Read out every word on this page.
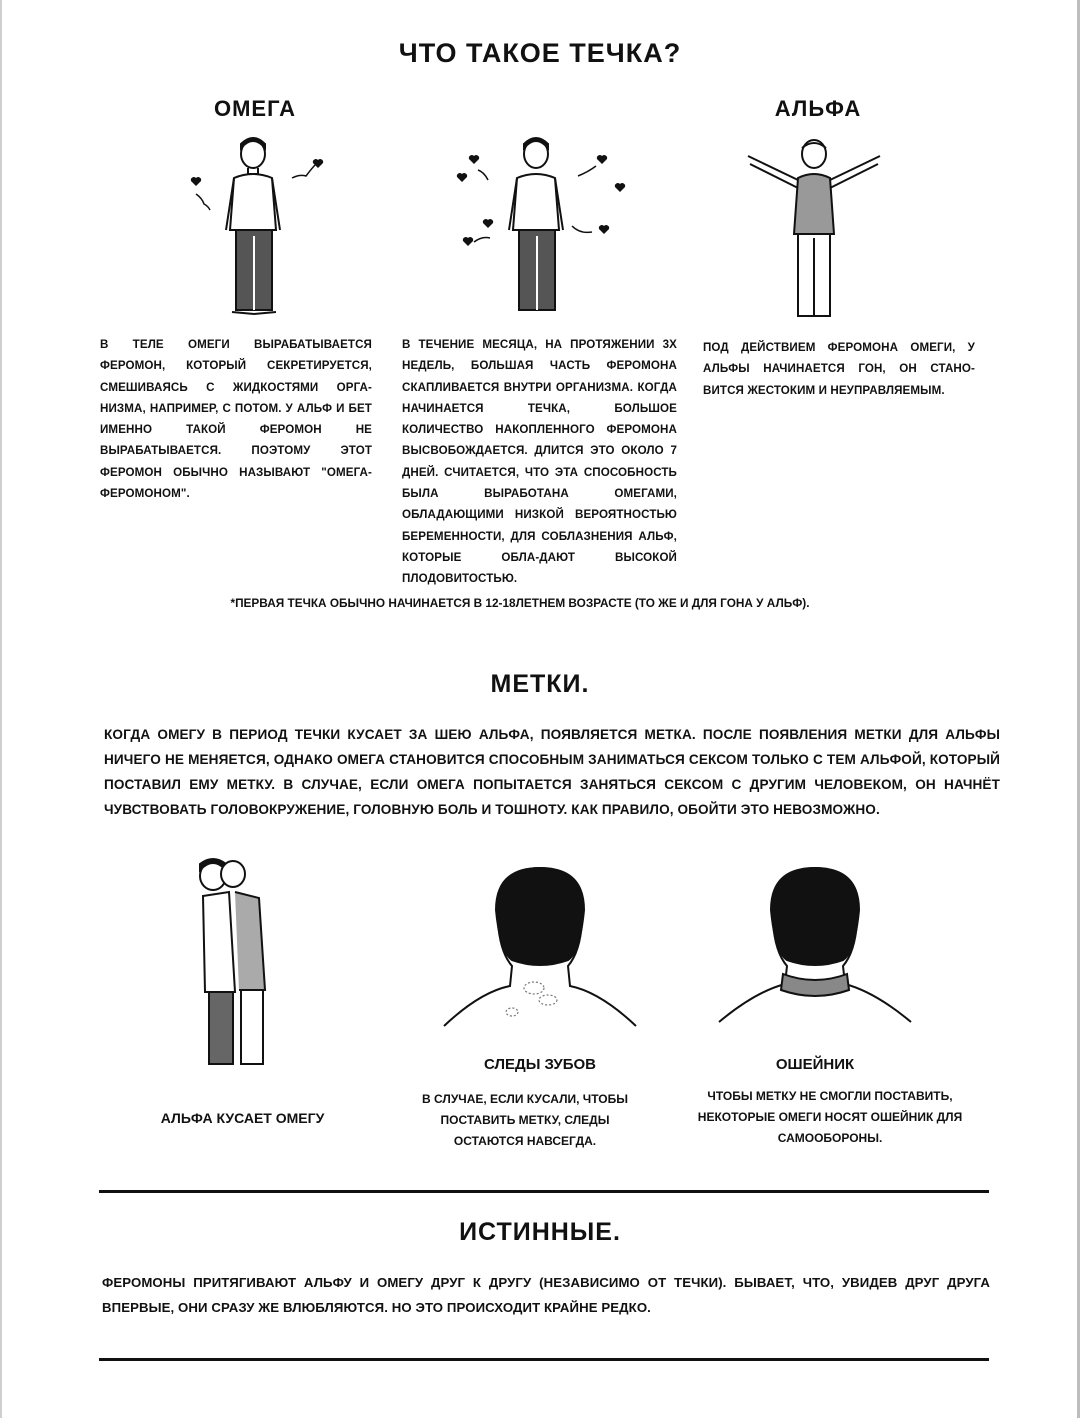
ЧТО ТАКОЕ ТЕЧКА?
ОМЕГА	АЛЬФА
В ТЕЛЕ ОМЕГИ ВЫРАБАТЫВАЕТСЯ ФЕРОМОН, КОТОРЫЙ СЕКРЕТИРУЕТСЯ, СМЕШИВАЯСЬ С ЖИДКОСТЯМИ ОРГА-НИЗМА, НАПРИМЕР, С ПОТОМ. У АЛЬФ И БЕТ ИМЕННО ТАКОЙ ФЕРОМОН НЕ ВЫРАБАТЫВАЕТСЯ. ПОЭТОМУ ЭТОТ ФЕРОМОН ОБЫЧНО НАЗЫВАЮТ "ОМЕГА-ФЕРОМОНОМ".
В ТЕЧЕНИЕ МЕСЯЦА, НА ПРОТЯЖЕНИИ 3Х НЕДЕЛЬ, БОЛЬШАЯ ЧАСТЬ ФЕРОМОНА СКАПЛИВАЕТСЯ ВНУТРИ ОРГАНИЗМА. КОГДА НАЧИНАЕТСЯ ТЕЧКА, БОЛЬШОЕ КОЛИЧЕСТВО НАКОПЛЕННОГО ФЕРОМОНА ВЫСВОБОЖДАЕТСЯ. ДЛИТСЯ ЭТО ОКОЛО 7 ДНЕЙ. СЧИТАЕТСЯ, ЧТО ЭТА СПОСОБНОСТЬ БЫЛА ВЫРАБОТАНА ОМЕГАМИ, ОБЛАДАЮЩИМИ НИЗКОЙ ВЕРОЯТНОСТЬЮ БЕРЕМЕННОСТИ, ДЛЯ СОБЛАЗНЕНИЯ АЛЬФ, КОТОРЫЕ ОБЛА-ДАЮТ ВЫСОКОЙ ПЛОДОВИТОСТЬЮ.
ПОД ДЕЙСТВИЕМ ФЕРОМОНА ОМЕГИ, У АЛЬФЫ НАЧИНАЕТСЯ ГОН, ОН СТАНО-ВИТСЯ ЖЕСТОКИМ И НЕУПРАВЛЯЕМЫМ.
*ПЕРВАЯ ТЕЧКА ОБЫЧНО НАЧИНАЕТСЯ В 12-18ЛЕТНЕМ ВОЗРАСТЕ (ТО ЖЕ И ДЛЯ ГОНА У АЛЬФ).
МЕТКИ.
КОГДА ОМЕГУ В ПЕРИОД ТЕЧКИ КУСАЕТ ЗА ШЕЮ АЛЬФА, ПОЯВЛЯЕТСЯ МЕТКА. ПОСЛЕ ПОЯВЛЕНИЯ МЕТКИ ДЛЯ АЛЬФЫ НИЧЕГО НЕ МЕНЯЕТСЯ, ОДНАКО ОМЕГА СТАНОВИТСЯ СПОСОБНЫМ ЗАНИМАТЬСЯ СЕКСОМ ТОЛЬКО С ТЕМ АЛЬФОЙ, КОТОРЫЙ ПОСТАВИЛ ЕМУ МЕТКУ. В СЛУЧАЕ, ЕСЛИ ОМЕГА ПОПЫТАЕТСЯ ЗАНЯТЬСЯ СЕКСОМ С ДРУГИМ ЧЕЛОВЕКОМ, ОН НАЧНЁТ ЧУВСТВОВАТЬ ГОЛОВОКРУЖЕНИЕ, ГОЛОВНУЮ БОЛЬ И ТОШНОТУ. КАК ПРАВИЛО, ОБОЙТИ ЭТО НЕВОЗМОЖНО.
АЛЬФА КУСАЕТ ОМЕГУ
СЛЕДЫ ЗУБОВ
В СЛУЧАЕ, ЕСЛИ КУСАЛИ, ЧТОБЫ ПОСТАВИТЬ МЕТКУ, СЛЕДЫ ОСТАЮТСЯ НАВСЕГДА.
ОШЕЙНИК
ЧТОБЫ МЕТКУ НЕ СМОГЛИ ПОСТАВИТЬ, НЕКОТОРЫЕ ОМЕГИ НОСЯТ ОШЕЙНИК ДЛЯ САМООБОРОНЫ.
ИСТИННЫЕ.
ФЕРОМОНЫ ПРИТЯГИВАЮТ АЛЬФУ И ОМЕГУ ДРУГ К ДРУГУ (НЕЗАВИСИМО ОТ ТЕЧКИ). БЫВАЕТ, ЧТО, УВИДЕВ ДРУГ ДРУГА ВПЕРВЫЕ, ОНИ СРАЗУ ЖЕ ВЛЮБЛЯЮТСЯ. НО ЭТО ПРОИСХОДИТ КРАЙНЕ РЕДКО.
